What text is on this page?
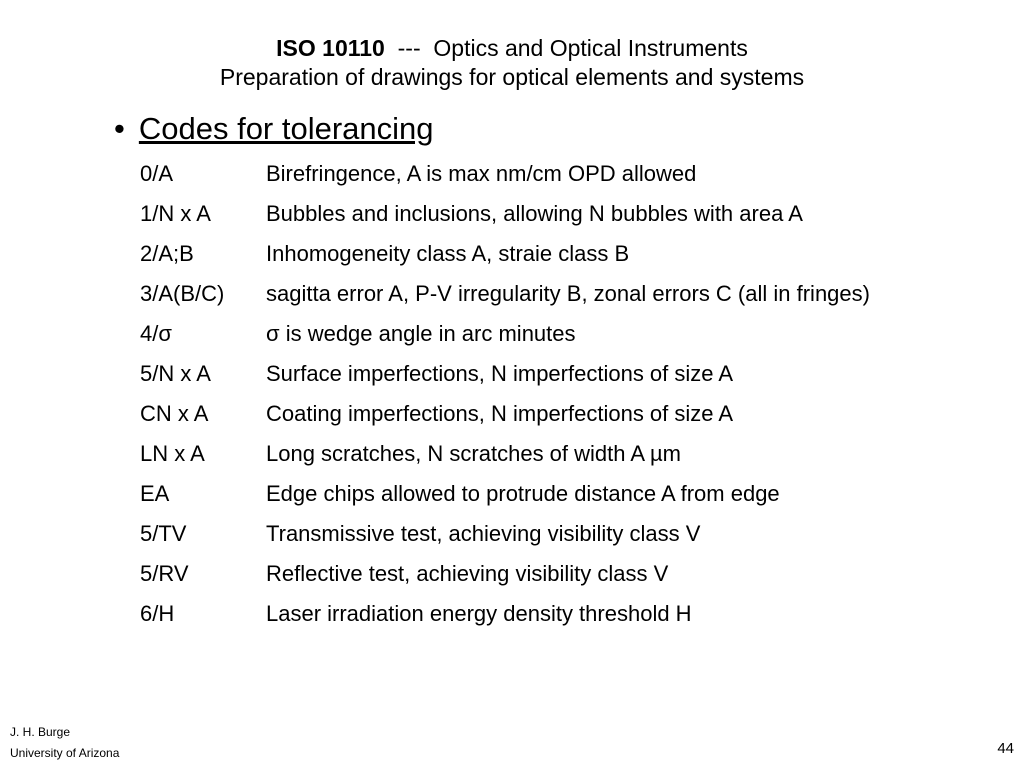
ISO 10110 --- Optics and Optical Instruments
Preparation of drawings for optical elements and systems
• Codes for tolerancing
0/A	Birefringence, A is max nm/cm OPD allowed
1/N x A	Bubbles and inclusions, allowing N bubbles with area A
2/A;B	Inhomogeneity class A, straie class B
3/A(B/C)	sagitta error A, P-V irregularity B, zonal errors C (all in fringes)
4/σ	σ is wedge angle in arc minutes
5/N x A	Surface imperfections, N imperfections of size A
CN x A	Coating imperfections, N imperfections of size A
LN x A	Long scratches, N scratches of width A µm
EA	Edge chips allowed to protrude distance A from edge
5/TV	Transmissive test, achieving visibility class V
5/RV	Reflective test, achieving visibility class V
6/H	Laser irradiation energy density threshold H
J. H. Burge
University of Arizona	44
